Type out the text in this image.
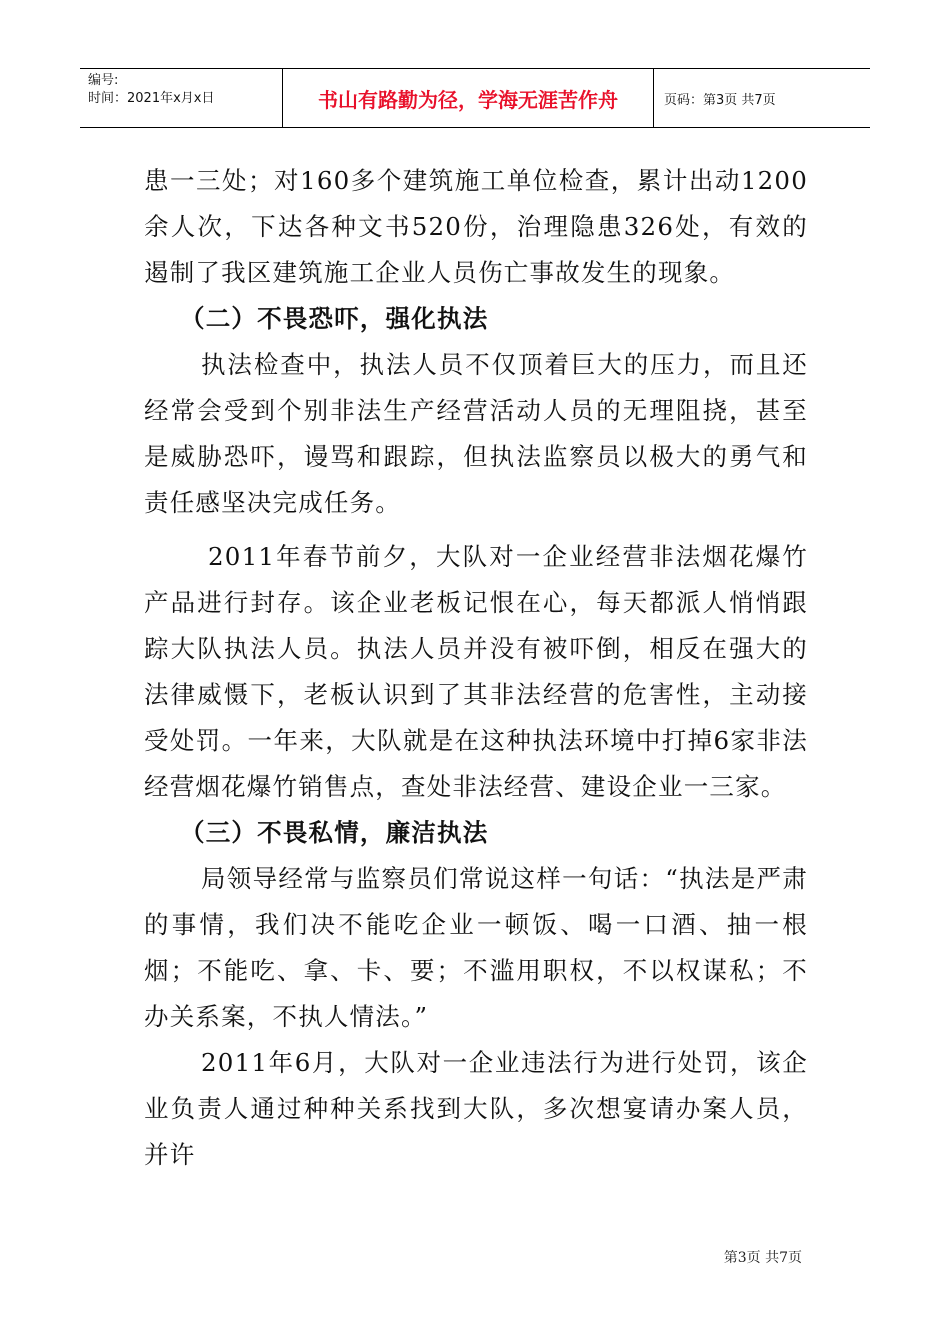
编号:
时间：2021年x月x日	书山有路勤为径，学海无涯苦作舟	页码：第3页 共7页

患一三处；对160多个建筑施工单位检查，累计出动1200余人次，下达各种文书520份，治理隐患326处，有效的遏制了我区建筑施工企业人员伤亡事故发生的现象。

（二）不畏恐吓，强化执法

执法检查中，执法人员不仅顶着巨大的压力，而且还经常会受到个别非法生产经营活动人员的无理阻挠，甚至是威胁恐吓，谩骂和跟踪，但执法监察员以极大的勇气和责任感坚决完成任务。

2011年春节前夕，大队对一企业经营非法烟花爆竹产品进行封存。该企业老板记恨在心，每天都派人悄悄跟踪大队执法人员。执法人员并没有被吓倒，相反在强大的法律威慑下，老板认识到了其非法经营的危害性，主动接受处罚。一年来，大队就是在这种执法环境中打掉6家非法经营烟花爆竹销售点，查处非法经营、建设企业一三家。

（三）不畏私情，廉洁执法

局领导经常与监察员们常说这样一句话：“执法是严肃的事情，我们决不能吃企业一顿饭、喝一口酒、抽一根烟；不能吃、拿、卡、要；不滥用职权，不以权谋私；不办关系案，不执人情法。”

2011年6月，大队对一企业违法行为进行处罚，该企业负责人通过种种关系找到大队，多次想宴请办案人员，并许

第3页 共7页
